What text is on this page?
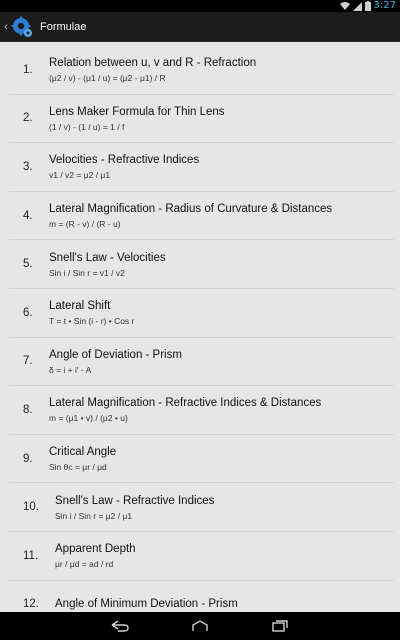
3:27
‹	Formulae
1.
Relation between u, v and R - Refraction
(μ2 / v) - (μ1 / u) = (μ2 - μ1) / R
2.
Lens Maker Formula for Thin Lens
(1 / v) - (1 / u) = 1 / f
3.
Velocities - Refractive Indices
v1 / v2 = μ2 / μ1
4.
Lateral Magnification - Radius of Curvature & Distances
m = (R - v) / (R - u)
5.
Snell's Law - Velocities
Sin i / Sin r = v1 / v2
6.
Lateral Shift
T = t • Sin (i - r) • Cos r
7.
Angle of Deviation - Prism
δ = i + i' - A
8.
Lateral Magnification - Refractive Indices & Distances
m = (μ1 • v) / (μ2 • u)
9.
Critical Angle
Sin θc = μr / μd
10.
Snell's Law - Refractive Indices
Sin i / Sin r = μ2 / μ1
11.
Apparent Depth
μr / μd = ad / rd
12.	Angle of Minimum Deviation - Prism
